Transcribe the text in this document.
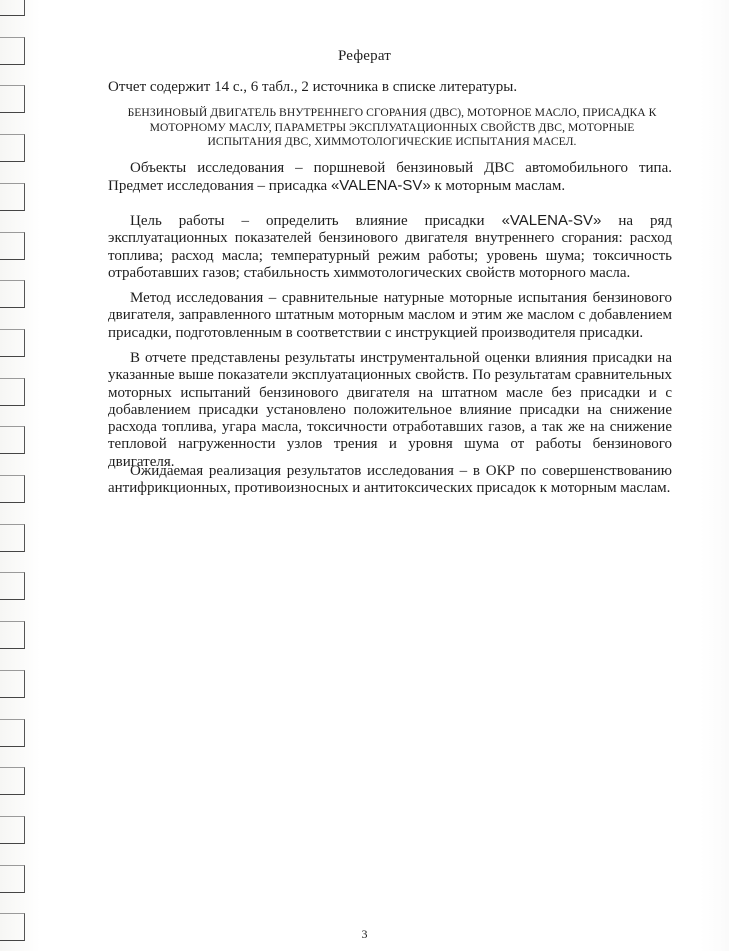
Реферат
Отчет содержит 14 с., 6 табл., 2 источника в списке литературы.
БЕНЗИНОВЫЙ ДВИГАТЕЛЬ ВНУТРЕННЕГО СГОРАНИЯ (ДВС), МОТОРНОЕ МАСЛО, ПРИСАДКА К МОТОРНОМУ МАСЛУ, ПАРАМЕТРЫ ЭКСПЛУАТАЦИОННЫХ СВОЙСТВ ДВС, МОТОРНЫЕ ИСПЫТАНИЯ ДВС, ХИММОТОЛОГИЧЕСКИЕ ИСПЫТАНИЯ МАСЕЛ.
Объекты исследования – поршневой бензиновый ДВС автомобильного типа. Предмет исследования – присадка «VALENA-SV» к моторным маслам.
Цель работы – определить влияние присадки «VALENA-SV» на ряд эксплуатационных показателей бензинового двигателя внутреннего сгорания: расход топлива; расход масла; температурный режим работы; уровень шума; токсичность отработавших газов; стабильность химмотологических свойств моторного масла.
Метод исследования – сравнительные натурные моторные испытания бензинового двигателя, заправленного штатным моторным маслом и этим же маслом с добавлением присадки, подготовленным в соответствии с инструкцией производителя присадки.
В отчете представлены результаты инструментальной оценки влияния присадки на указанные выше показатели эксплуатационных свойств. По результатам сравнительных моторных испытаний бензинового двигателя на штатном масле без присадки и с добавлением присадки установлено положительное влияние присадки на снижение расхода топлива, угара масла, токсичности отработавших газов, а так же на снижение тепловой нагруженности узлов трения и уровня шума от работы бензинового двигателя.
Ожидаемая реализация результатов исследования – в ОКР по совершенствованию антифрикционных, противоизносных и антитоксических присадок к моторным маслам.
3
